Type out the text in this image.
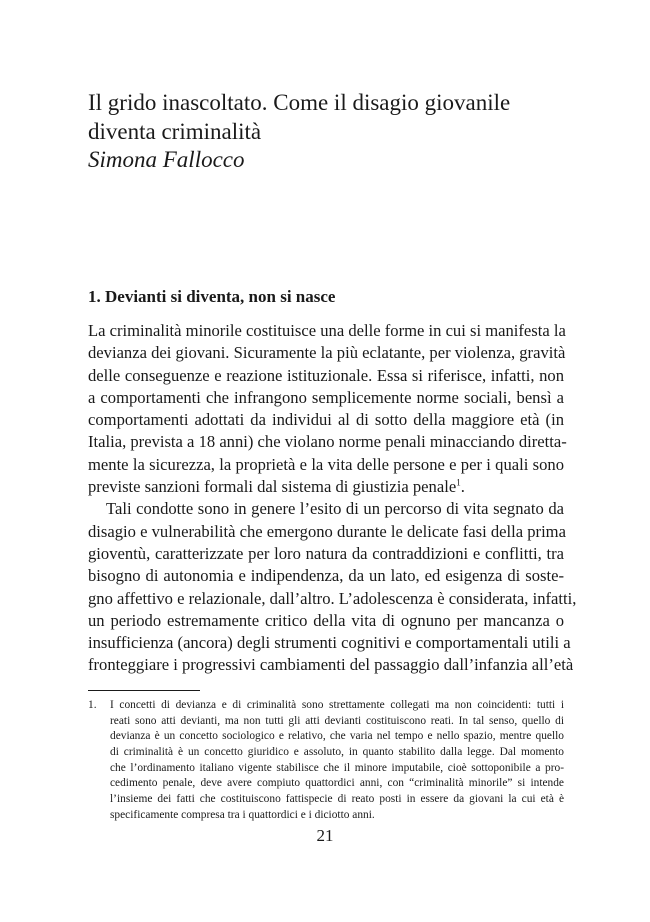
Il grido inascoltato. Come il disagio giovanile
diventa criminalità

Simona Fallocco

1. Devianti si diventa, non si nasce
La criminalità minorile costituisce una delle forme in cui si manifesta la
devianza dei giovani. Sicuramente la più eclatante, per violenza, gravità
delle conseguenze e reazione istituzionale. Essa si riferisce, infatti, non
a comportamenti che infrangono semplicemente norme sociali, bensì a
comportamenti adottati da individui al di sotto della maggiore età (in
Italia, prevista a 18 anni) che violano norme penali minacciando diretta-
mente la sicurezza, la proprietà e la vita delle persone e per i quali sono
previste sanzioni formali dal sistema di giustizia penale$^1$.
Tali condotte sono in genere l’esito di un percorso di vita segnato da
disagio e vulnerabilità che emergono durante le delicate fasi della prima
gioventù, caratterizzate per loro natura da contraddizioni e conflitti, tra
bisogno di autonomia e indipendenza, da un lato, ed esigenza di soste-
gno affettivo e relazionale, dall’altro. L’adolescenza è considerata, infatti,
un periodo estremamente critico della vita di ognuno per mancanza o
insufficienza (ancora) degli strumenti cognitivi e comportamentali utili a
fronteggiare i progressivi cambiamenti del passaggio dall’infanzia all’età
1. I concetti di devianza e di criminalità sono strettamente collegati ma non coincidenti: tutti i
reati sono atti devianti, ma non tutti gli atti devianti costituiscono reati. In tal senso, quello di
devianza è un concetto sociologico e relativo, che varia nel tempo e nello spazio, mentre quello
di criminalità è un concetto giuridico e assoluto, in quanto stabilito dalla legge. Dal momento
che l’ordinamento italiano vigente stabilisce che il minore imputabile, cioè sottoponibile a pro-
cedimento penale, deve avere compiuto quattordici anni, con “criminalità minorile” si intende
l’insieme dei fatti che costituiscono fattispecie di reato posti in essere da giovani la cui età è
specificamente compresa tra i quattordici e i diciotto anni.
21
